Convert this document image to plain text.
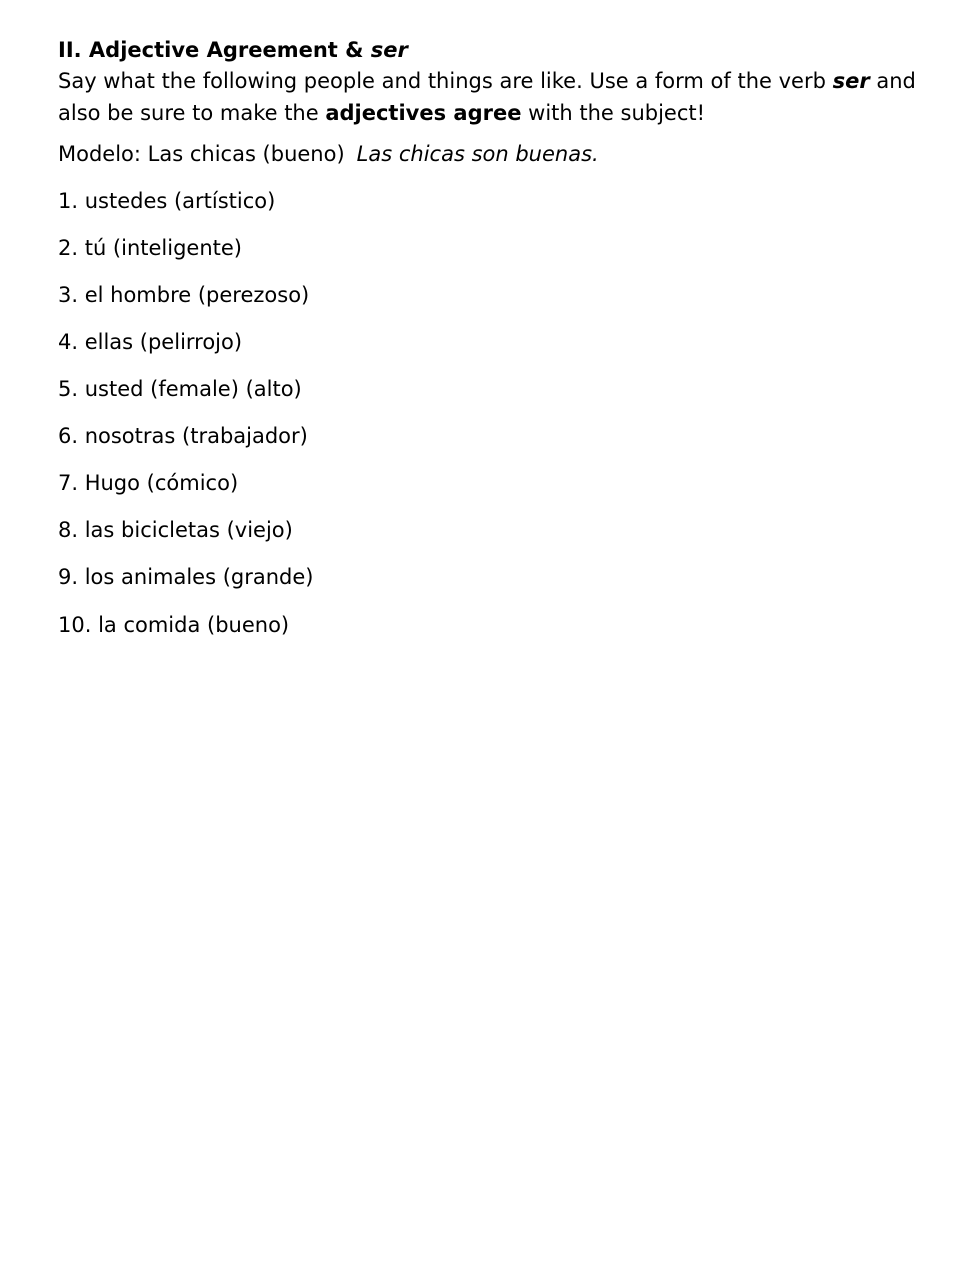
II. Adjective Agreement & ser
Say what the following people and things are like. Use a form of the verb ser and also be sure to make the adjectives agree with the subject!
Modelo: Las chicas (bueno) Las chicas son buenas.
1. ustedes (artístico)
2. tú (inteligente)
3. el hombre (perezoso)
4. ellas (pelirrojo)
5. usted (female) (alto)
6. nosotras (trabajador)
7. Hugo (cómico)
8. las bicicletas (viejo)
9. los animales (grande)
10. la comida (bueno)
